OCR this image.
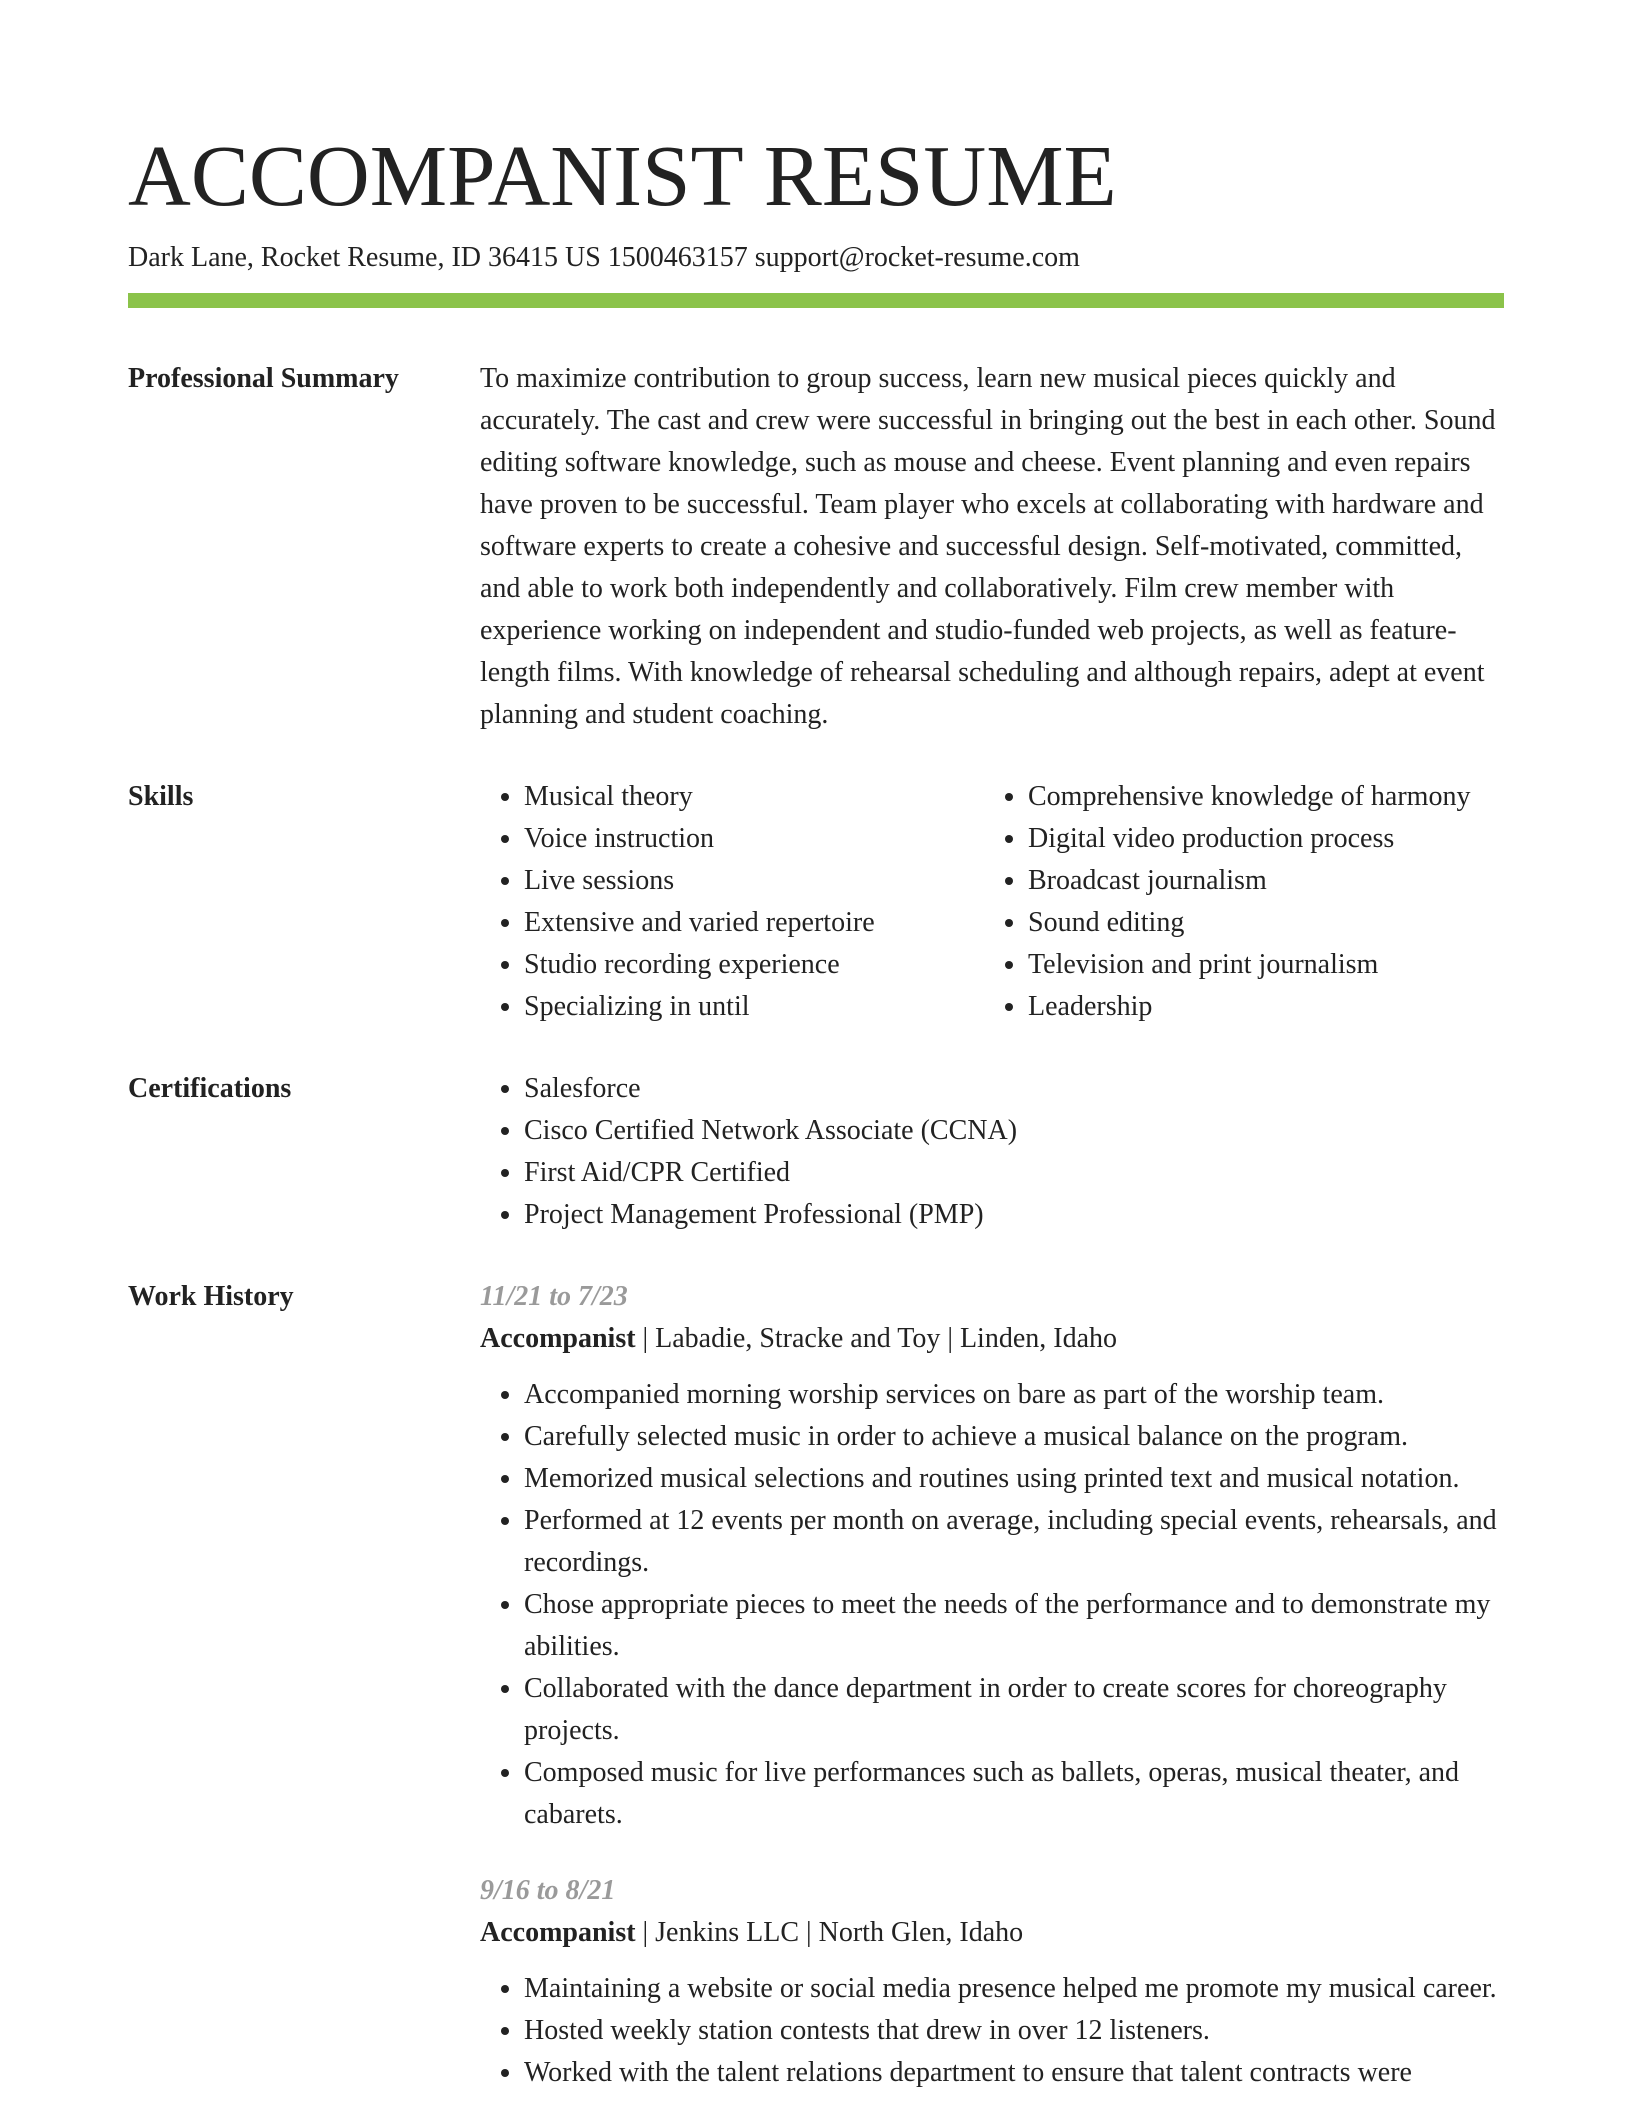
ACCOMPANIST RESUME
Dark Lane, Rocket Resume, ID 36415 US 1500463157 support@rocket-resume.com
Professional Summary	To maximize contribution to group success, learn new musical pieces quickly and accurately. The cast and crew were successful in bringing out the best in each other. Sound editing software knowledge, such as mouse and cheese. Event planning and even repairs have proven to be successful. Team player who excels at collaborating with hardware and software experts to create a cohesive and successful design. Self-motivated, committed, and able to work both independently and collaboratively. Film crew member with experience working on independent and studio-funded web projects, as well as feature-length films. With knowledge of rehearsal scheduling and although repairs, adept at event planning and student coaching.

Skills	• Musical theory
• Voice instruction
• Live sessions
• Extensive and varied repertoire
• Studio recording experience
• Specializing in until
• Comprehensive knowledge of harmony
• Digital video production process
• Broadcast journalism
• Sound editing
• Television and print journalism
• Leadership
Certifications	• Salesforce
• Cisco Certified Network Associate (CCNA)
• First Aid/CPR Certified
• Project Management Professional (PMP)
Work History	11/21 to 7/23
Accompanist | Labadie, Stracke and Toy | Linden, Idaho
• Accompanied morning worship services on bare as part of the worship team.
• Carefully selected music in order to achieve a musical balance on the program.
• Memorized musical selections and routines using printed text and musical notation.
• Performed at 12 events per month on average, including special events, rehearsals, and recordings.
• Chose appropriate pieces to meet the needs of the performance and to demonstrate my abilities.
• Collaborated with the dance department in order to create scores for choreography projects.
• Composed music for live performances such as ballets, operas, musical theater, and cabarets.
9/16 to 8/21
Accompanist | Jenkins LLC | North Glen, Idaho
• Maintaining a website or social media presence helped me promote my musical career.
• Hosted weekly station contests that drew in over 12 listeners.
• Worked with the talent relations department to ensure that talent contracts were
